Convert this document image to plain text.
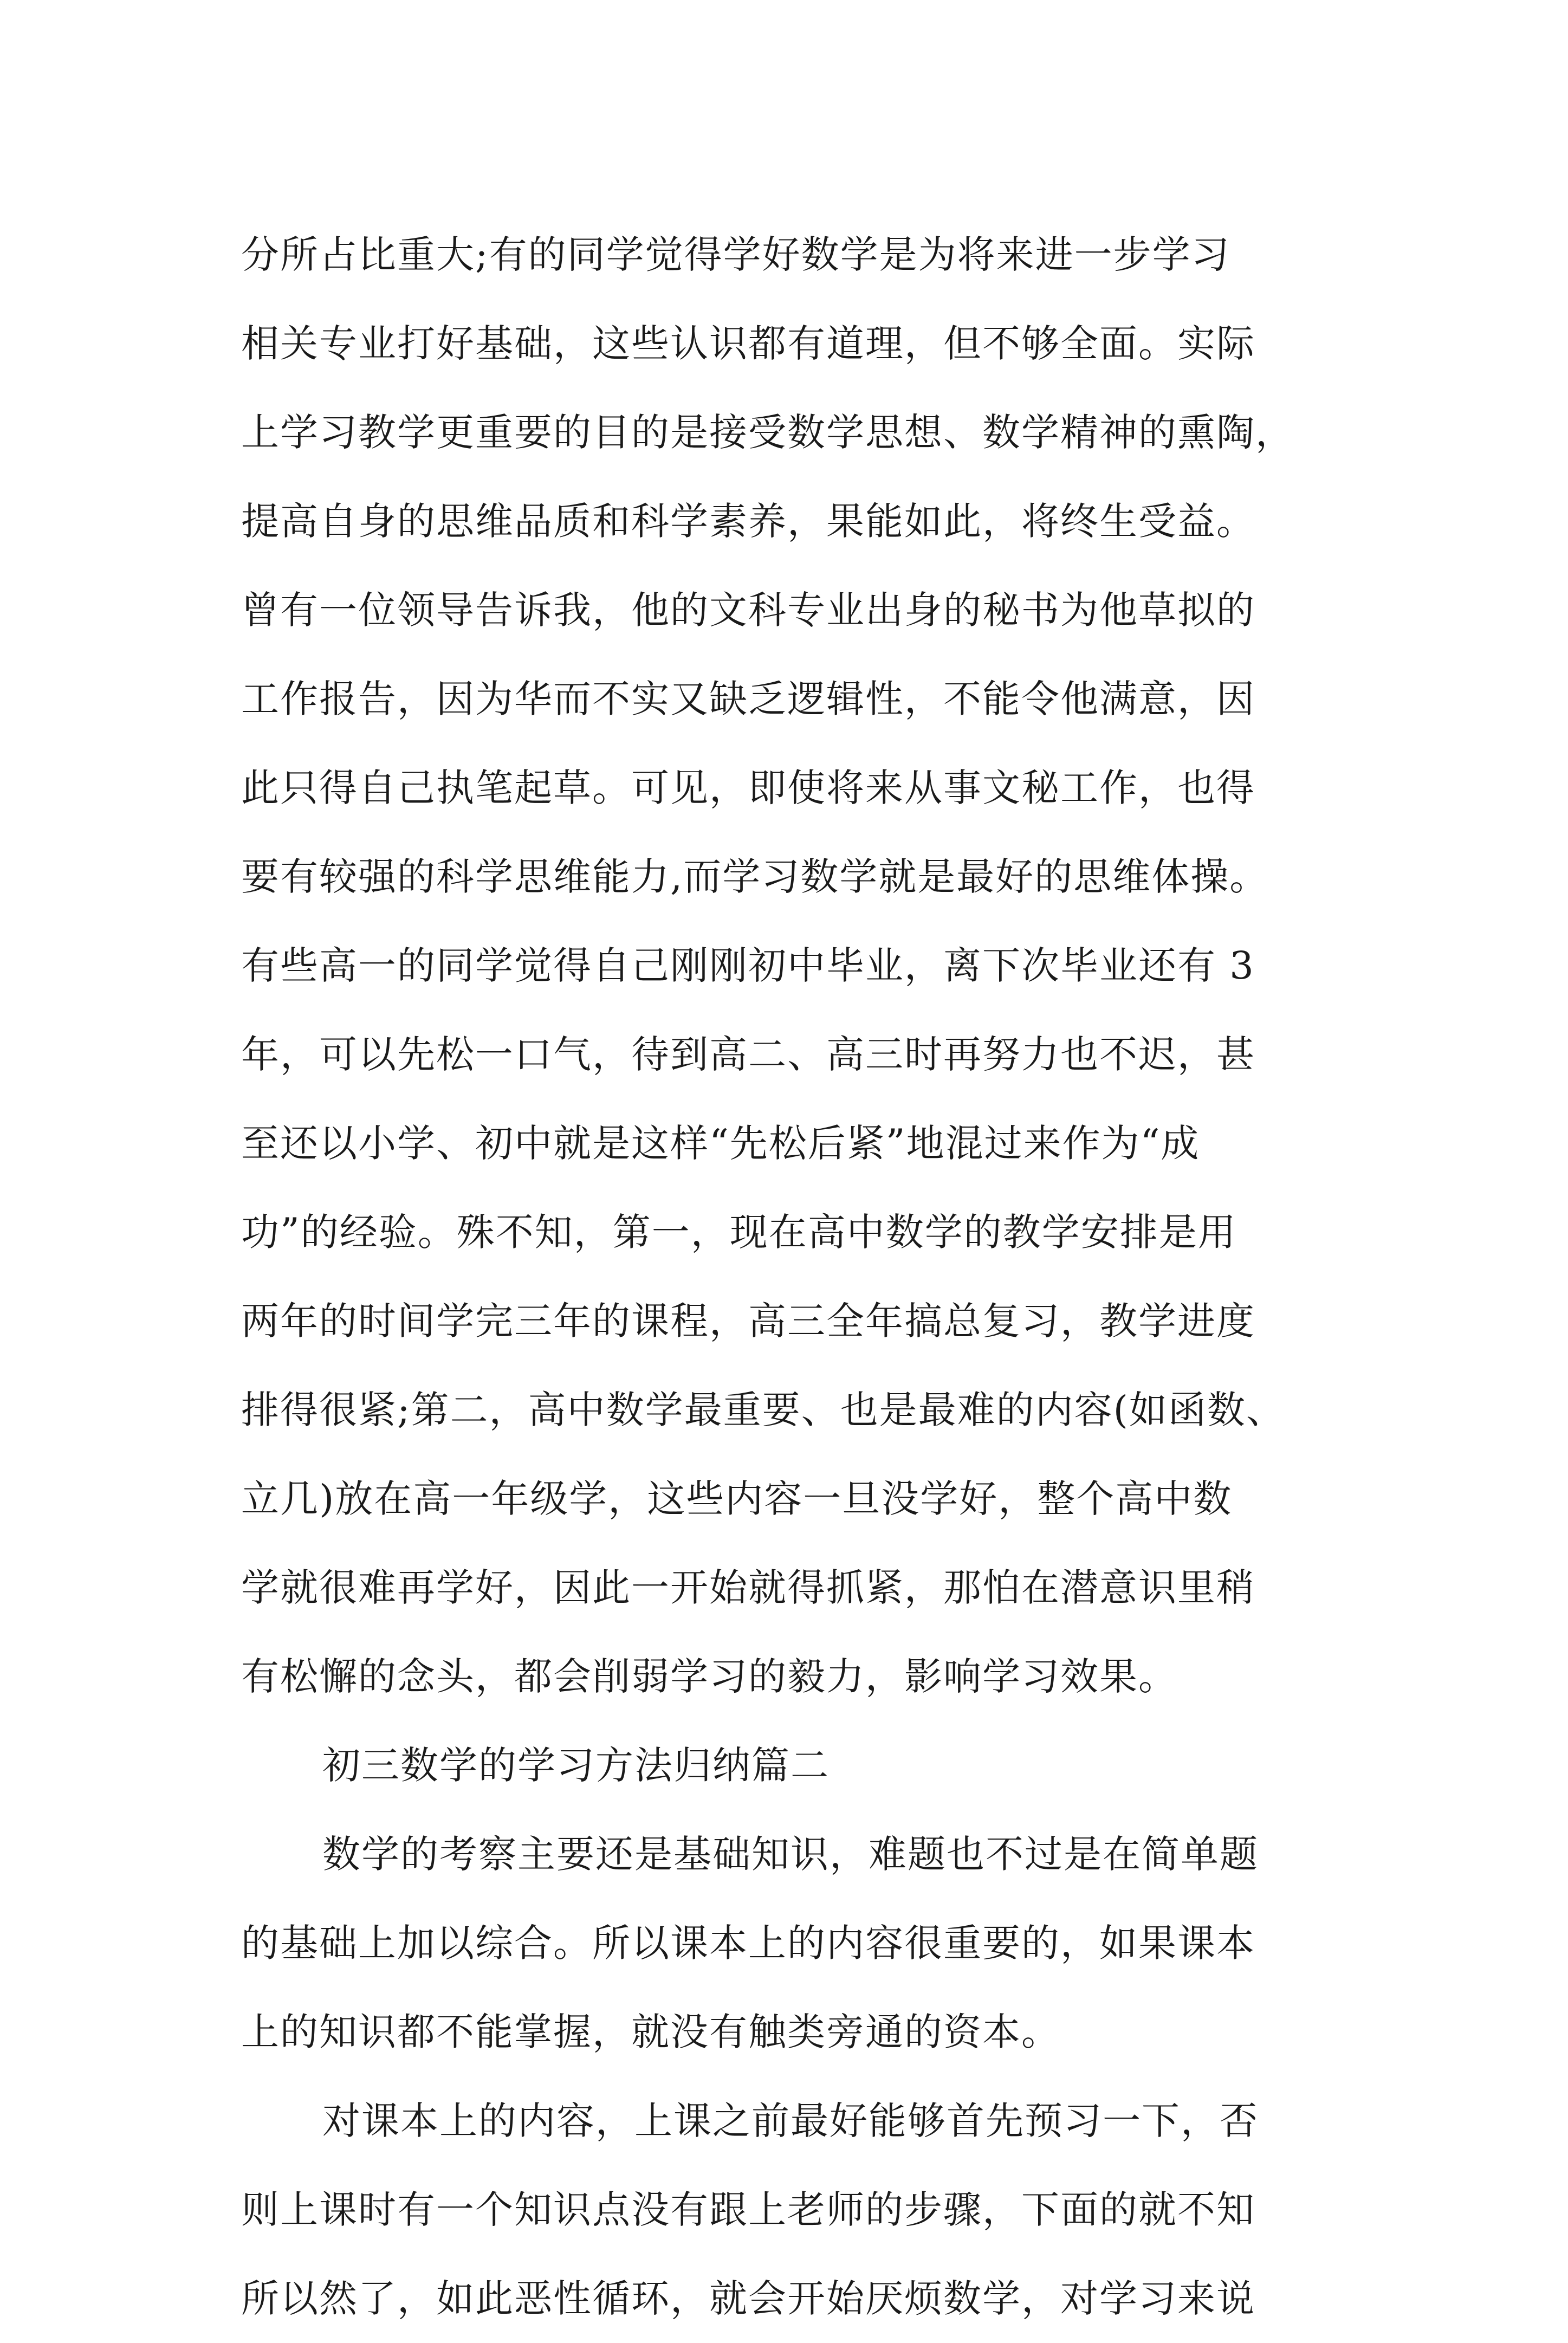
分所占比重大;有的同学觉得学好数学是为将来进一步学习
相关专业打好基础，这些认识都有道理，但不够全面。实际
上学习教学更重要的目的是接受数学思想、数学精神的熏陶，
提高自身的思维品质和科学素养，果能如此，将终生受益。
曾有一位领导告诉我，他的文科专业出身的秘书为他草拟的
工作报告，因为华而不实又缺乏逻辑性，不能令他满意，因
此只得自己执笔起草。可见，即使将来从事文秘工作，也得
要有较强的科学思维能力,而学习数学就是最好的思维体操。
有些高一的同学觉得自己刚刚初中毕业，离下次毕业还有 3
年，可以先松一口气，待到高二、高三时再努力也不迟，甚
至还以小学、初中就是这样“先松后紧”地混过来作为“成
功”的经验。殊不知，第一，现在高中数学的教学安排是用
两年的时间学完三年的课程，高三全年搞总复习，教学进度
排得很紧;第二，高中数学最重要、也是最难的内容(如函数、
立几)放在高一年级学，这些内容一旦没学好，整个高中数
学就很难再学好，因此一开始就得抓紧，那怕在潜意识里稍
有松懈的念头，都会削弱学习的毅力，影响学习效果。
初三数学的学习方法归纳篇二
数学的考察主要还是基础知识，难题也不过是在简单题
的基础上加以综合。所以课本上的内容很重要的，如果课本
上的知识都不能掌握，就没有触类旁通的资本。
对课本上的内容，上课之前最好能够首先预习一下，否
则上课时有一个知识点没有跟上老师的步骤，下面的就不知
所以然了，如此恶性循环，就会开始厌烦数学，对学习来说
